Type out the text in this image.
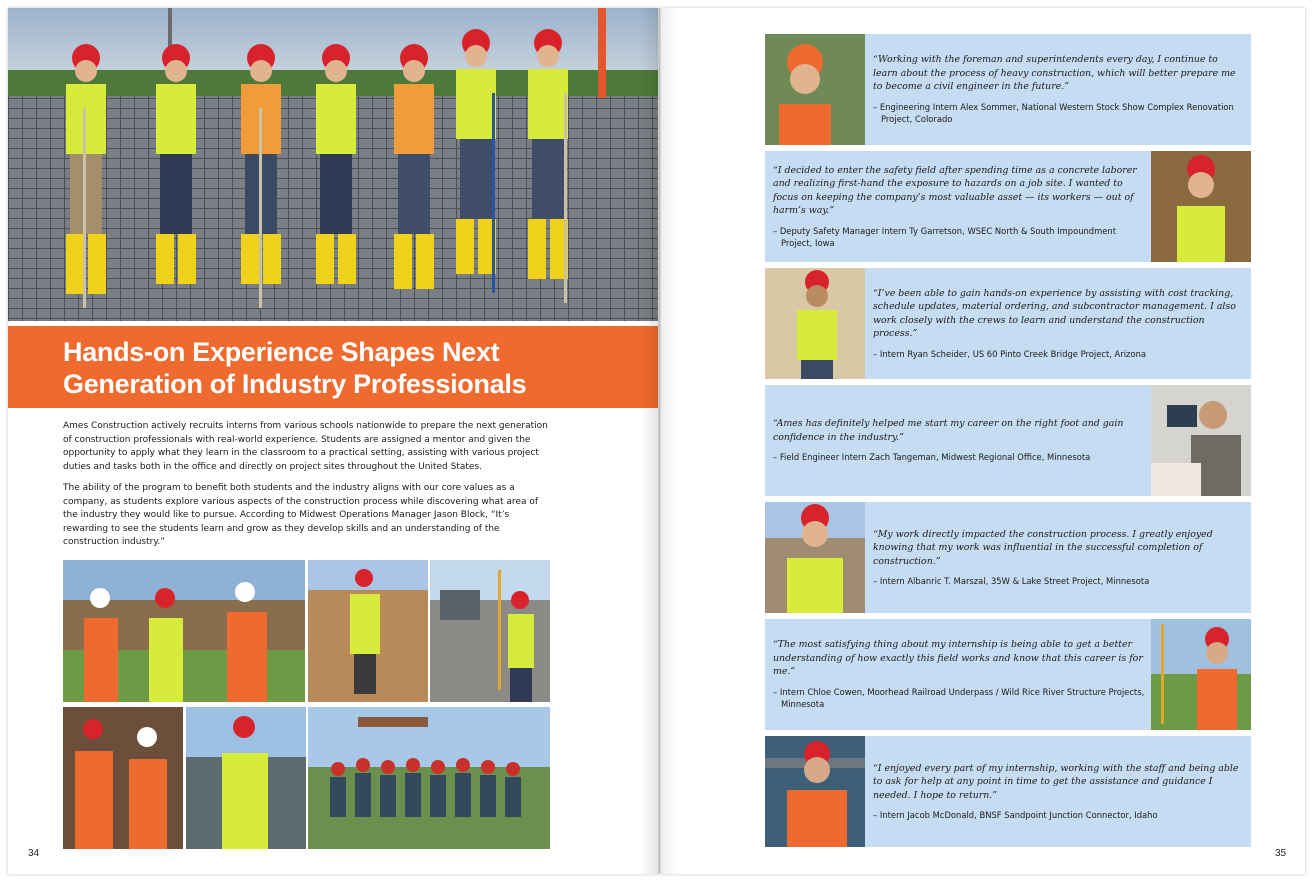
Hands-on Experience Shapes Next
Generation of Industry Professionals

Ames Construction actively recruits interns from various schools nationwide to prepare the next generation of construction professionals with real-world experience. Students are assigned a mentor and given the opportunity to apply what they learn in the classroom to a practical setting, assisting with various project duties and tasks both in the office and directly on project sites throughout the United States.

The ability of the program to benefit both students and the industry aligns with our core values as a company, as students explore various aspects of the construction process while discovering what area of the industry they would like to pursue. According to Midwest Operations Manager Jason Block, “It’s rewarding to see the students learn and grow as they develop skills and an understanding of the construction industry.”

34

“Working with the foreman and superintendents every day, I continue to learn about the process of heavy construction, which will better prepare me to become a civil engineer in the future.”

– Engineering Intern Alex Sommer, National Western Stock Show Complex Renovation Project, Colorado

“I decided to enter the safety field after spending time as a concrete laborer and realizing first-hand the exposure to hazards on a job site. I wanted to focus on keeping the company’s most valuable asset — its workers — out of harm’s way.”

– Deputy Safety Manager Intern Ty Garretson, WSEC North & South Impoundment Project, Iowa

“I’ve been able to gain hands-on experience by assisting with cost tracking, schedule updates, material ordering, and subcontractor management. I also work closely with the crews to learn and understand the construction process.”

– Intern Ryan Scheider, US 60 Pinto Creek Bridge Project, Arizona

“Ames has definitely helped me start my career on the right foot and gain confidence in the industry.”

– Field Engineer Intern Zach Tangeman, Midwest Regional Office, Minnesota

“My work directly impacted the construction process. I greatly enjoyed knowing that my work was influential in the successful completion of construction.”

– Intern Albanric T. Marszal, 35W & Lake Street Project, Minnesota

“The most satisfying thing about my internship is being able to get a better understanding of how exactly this field works and know that this career is for me.”

– Intern Chloe Cowen, Moorhead Railroad Underpass / Wild Rice River Structure Projects, Minnesota

“I enjoyed every part of my internship, working with the staff and being able to ask for help at any point in time to get the assistance and guidance I needed. I hope to return.”

– Intern Jacob McDonald, BNSF Sandpoint Junction Connector, Idaho

35
